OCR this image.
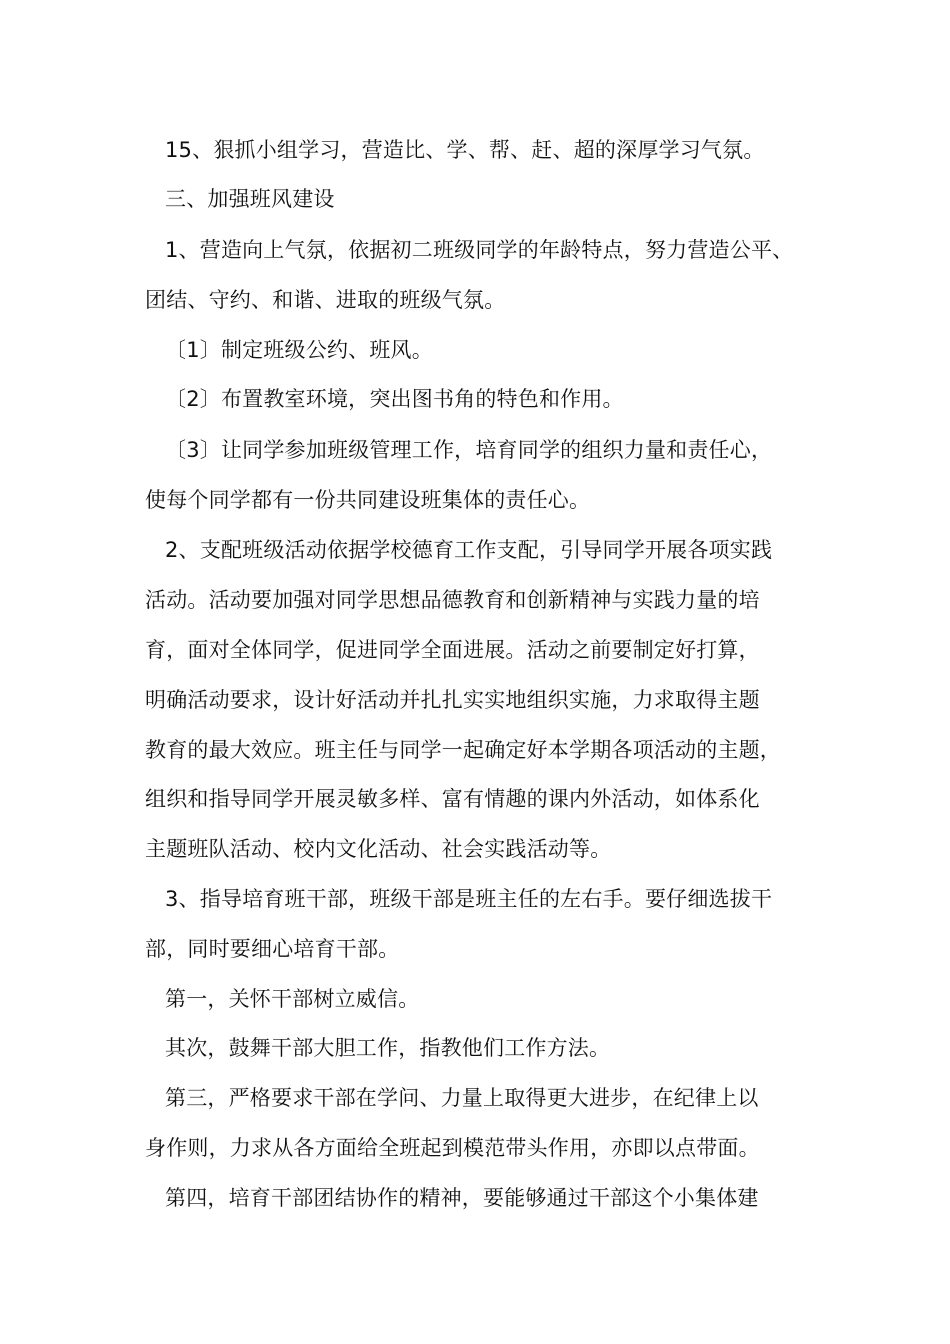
15、狠抓小组学习，营造比、学、帮、赶、超的深厚学习气氛。
三、加强班风建设
1、营造向上气氛，依据初二班级同学的年龄特点，努力营造公平、
团结、守约、和谐、进取的班级气氛。
〔1〕制定班级公约、班风。
〔2〕布置教室环境，突出图书角的特色和作用。
〔3〕让同学参加班级管理工作，培育同学的组织力量和责任心，
使每个同学都有一份共同建设班集体的责任心。
2、支配班级活动依据学校德育工作支配，引导同学开展各项实践
活动。活动要加强对同学思想品德教育和创新精神与实践力量的培
育，面对全体同学，促进同学全面进展。活动之前要制定好打算，
明确活动要求，设计好活动并扎扎实实地组织实施，力求取得主题
教育的最大效应。班主任与同学一起确定好本学期各项活动的主题，
组织和指导同学开展灵敏多样、富有情趣的课内外活动，如体系化
主题班队活动、校内文化活动、社会实践活动等。
3、指导培育班干部，班级干部是班主任的左右手。要仔细选拔干
部，同时要细心培育干部。
第一，关怀干部树立威信。
其次，鼓舞干部大胆工作，指教他们工作方法。
第三，严格要求干部在学问、力量上取得更大进步，在纪律上以
身作则，力求从各方面给全班起到模范带头作用，亦即以点带面。
第四，培育干部团结协作的精神，要能够通过干部这个小集体建
